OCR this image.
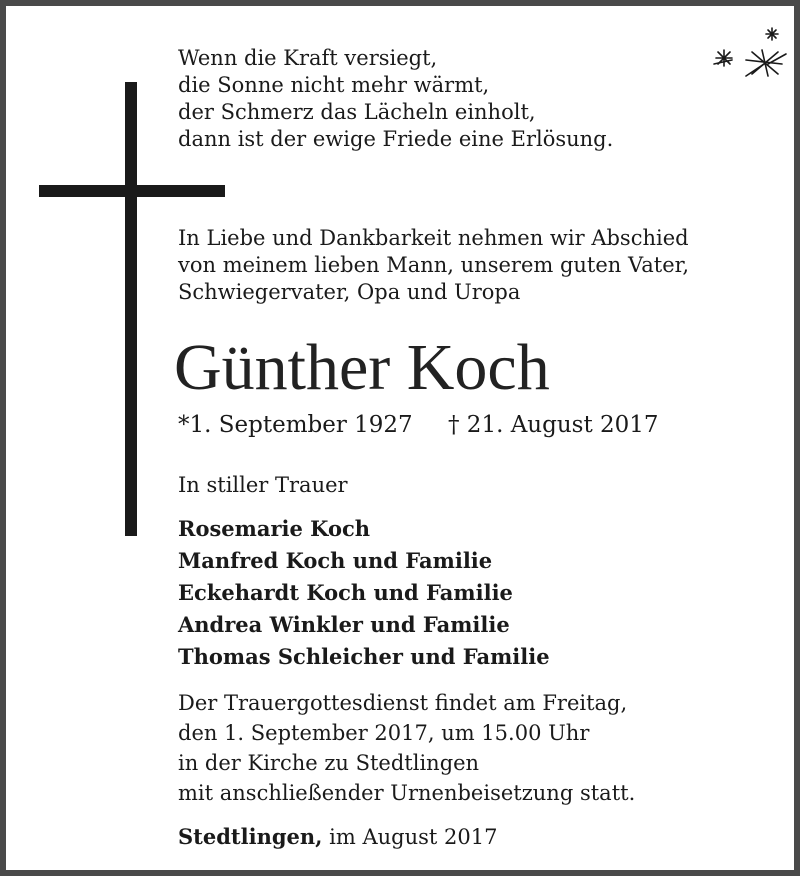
Wenn die Kraft versiegt,
die Sonne nicht mehr wärmt,
der Schmerz das Lächeln einholt,
dann ist der ewige Friede eine Erlösung.
In Liebe und Dankbarkeit nehmen wir Abschied
von meinem lieben Mann, unserem guten Vater,
Schwiegervater, Opa und Uropa
Günther Koch
*1. September 1927 † 21. August 2017
In stiller Trauer
Rosemarie Koch
Manfred Koch und Familie
Eckehardt Koch und Familie
Andrea Winkler und Familie
Thomas Schleicher und Familie
Der Trauergottesdienst findet am Freitag,
den 1. September 2017, um 15.00 Uhr
in der Kirche zu Stedtlingen
mit anschließender Urnenbeisetzung statt.
Stedtlingen, im August 2017
